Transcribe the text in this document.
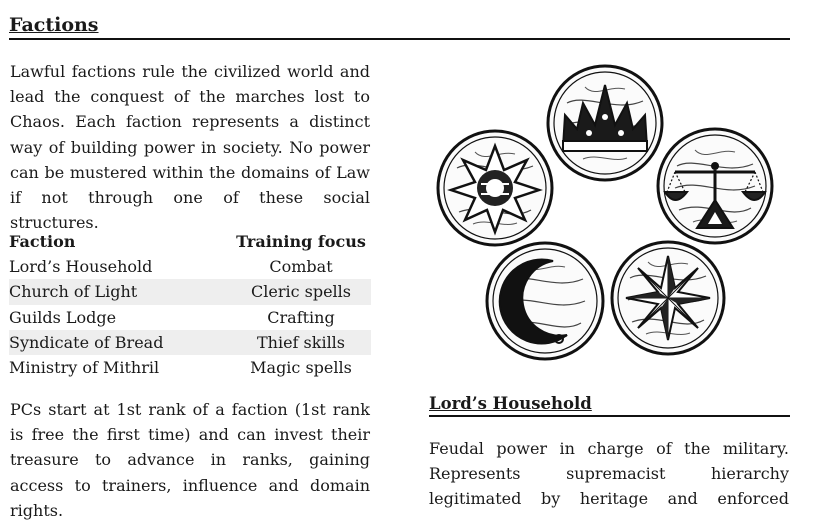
Factions

Lawful factions rule the civilized world and lead the conquest of the marches lost to Chaos. Each faction represents a distinct way of building power in society. No power can be mustered within the domains of Law if not through one of these social structures.

Faction	Training focus
Lord’s Household	Combat
Church of Light	Cleric spells
Guilds Lodge	Crafting
Syndicate of Bread	Thief skills
Ministry of Mithril	Magic spells

PCs start at 1st rank of a faction (1st rank is free the first time) and can invest their treasure to advance in ranks, gaining access to trainers, influence and domain rights.

Lord’s Household

Feudal power in charge of the military. Represents supremacist hierarchy legitimated by heritage and enforced
